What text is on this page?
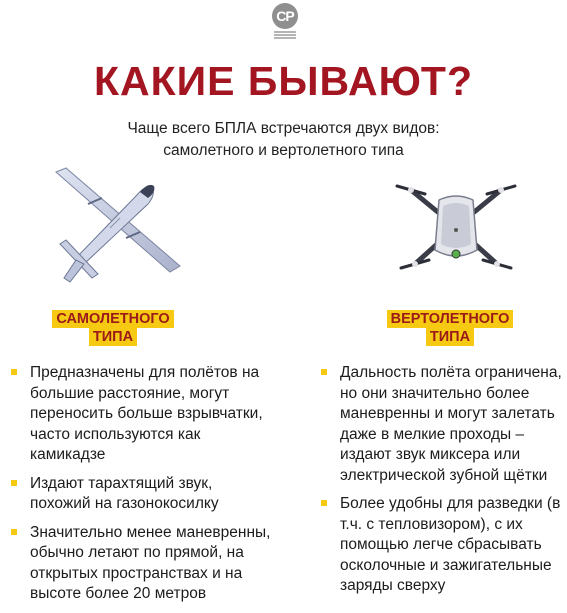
СР
КАКИЕ БЫВАЮТ?
Чаще всего БПЛА встречаются двух видов:
самолетного и вертолетного типа
САМОЛЕТНОГО
ТИПА
ВЕРТОЛЕТНОГО
ТИПА
Предназначены для полётов на большие расстояние, могут переносить больше взрывчатки, часто используются как камикадзе
Издают тарахтящий звук, похожий на газонокосилку
Значительно менее маневренны, обычно летают по прямой, на открытых пространствах и на высоте более 20 метров
Дальность полёта ограничена, но они значительно более маневренны и могут залетать даже в мелкие проходы – издают звук миксера или электрической зубной щётки
Более удобны для разведки (в т.ч. с тепловизором), с их помощью легче сбрасывать осколочные и зажигательные заряды сверху
